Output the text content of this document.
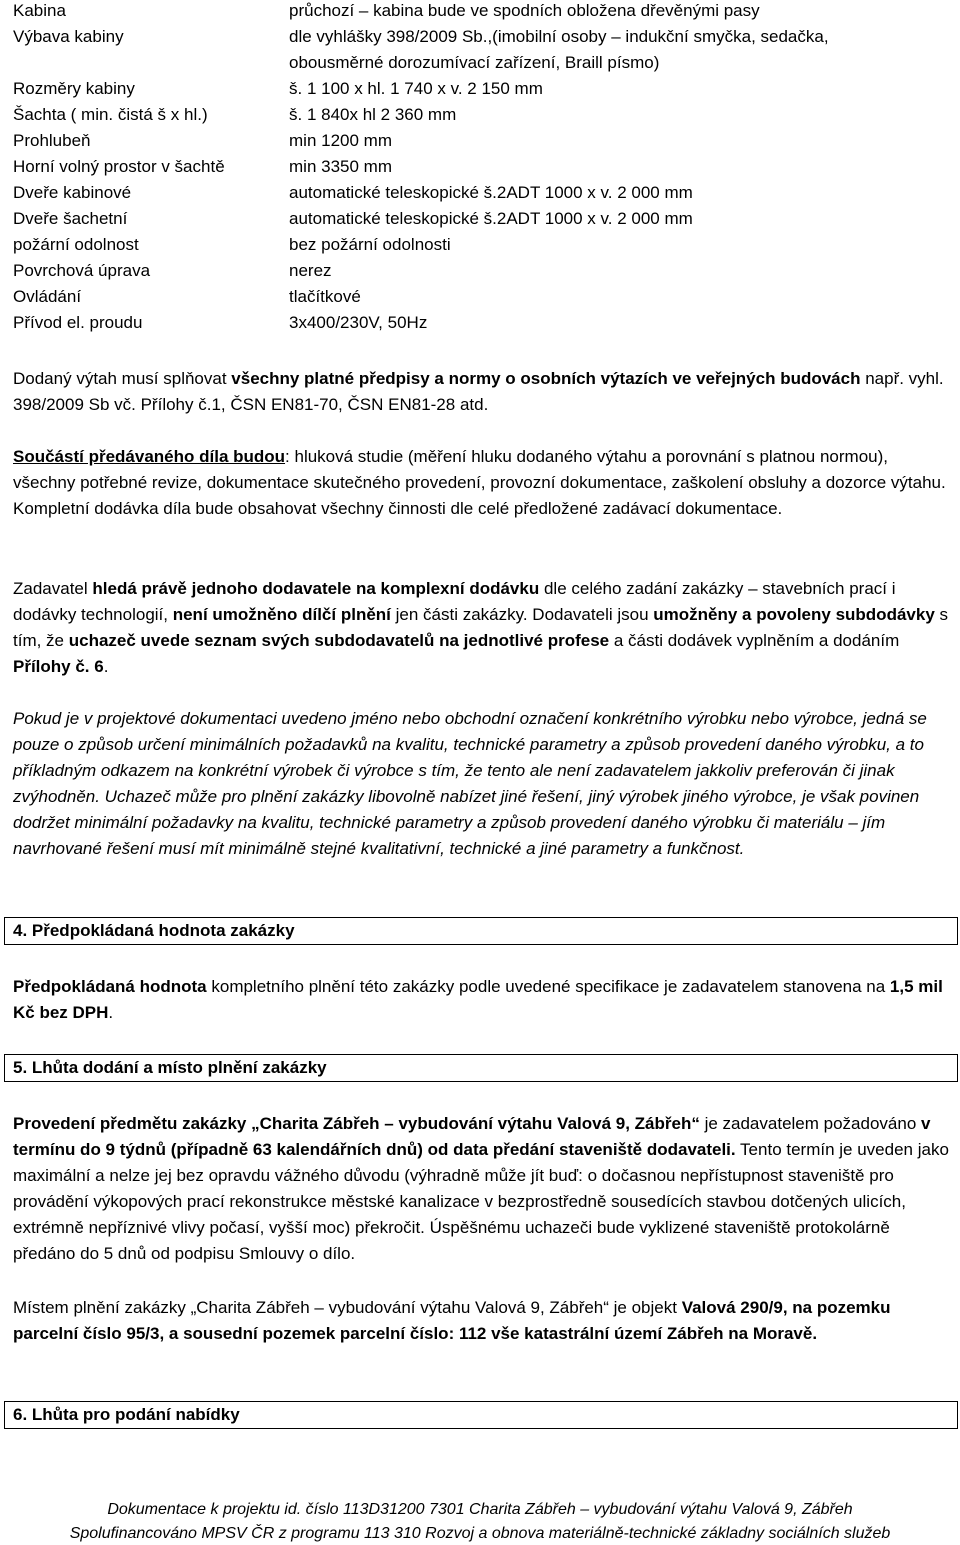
Kabina	průchozí – kabina bude ve spodních obložena dřevěnými pasy
Výbava kabiny	dle vyhlášky 398/2009 Sb.,(imobilní osoby – indukční smyčka, sedačka,
obousměrné dorozumívací zařízení, Braill písmo)
Rozměry kabiny	š. 1 100 x hl. 1 740 x v. 2 150 mm
Šachta ( min. čistá š x hl.)	š. 1 840x hl 2 360 mm
Prohlubeň	min 1200 mm
Horní volný prostor v šachtě	min 3350 mm
Dveře kabinové	automatické teleskopické š.2ADT 1000 x v. 2 000 mm
Dveře šachetní	automatické teleskopické š.2ADT 1000 x v. 2 000 mm
požární odolnost	bez požární odolnosti
Povrchová úprava	nerez
Ovládání	tlačítkové
Přívod el. proudu	3x400/230V, 50Hz

Dodaný výtah musí splňovat všechny platné předpisy a normy o osobních výtazích ve veřejných budovách např. vyhl. 398/2009 Sb vč. Přílohy č.1, ČSN EN81-70, ČSN EN81-28 atd.

Součástí předávaného díla budou: hluková studie (měření hluku dodaného výtahu a porovnání s platnou normou), všechny potřebné revize, dokumentace skutečného provedení, provozní dokumentace, zaškolení obsluhy a dozorce výtahu. Kompletní dodávka díla bude obsahovat všechny činnosti dle celé předložené zadávací dokumentace.

Zadavatel hledá právě jednoho dodavatele na komplexní dodávku dle celého zadání zakázky – stavebních prací i dodávky technologií, není umožněno dílčí plnění jen části zakázky. Dodavateli jsou umožněny a povoleny subdodávky s tím, že uchazeč uvede seznam svých subdodavatelů na jednotlivé profese a části dodávek vyplněním a dodáním Přílohy č. 6.

Pokud je v projektové dokumentaci uvedeno jméno nebo obchodní označení konkrétního výrobku nebo výrobce, jedná se pouze o způsob určení minimálních požadavků na kvalitu, technické parametry a způsob provedení daného výrobku, a to příkladným odkazem na konkrétní výrobek či výrobce s tím, že tento ale není zadavatelem jakkoliv preferován či jinak zvýhodněn. Uchazeč může pro plnění zakázky libovolně nabízet jiné řešení, jiný výrobek jiného výrobce, je však povinen dodržet minimální požadavky na kvalitu, technické parametry a způsob provedení daného výrobku či materiálu – jím navrhované řešení musí mít minimálně stejné kvalitativní, technické a jiné parametry a funkčnost.

4. Předpokládaná hodnota zakázky

Předpokládaná hodnota kompletního plnění této zakázky podle uvedené specifikace je zadavatelem stanovena na 1,5 mil Kč bez DPH.

5. Lhůta dodání a místo plnění zakázky

Provedení předmětu zakázky „Charita Zábřeh – vybudování výtahu Valová 9, Zábřeh“ je zadavatelem požadováno v termínu do 9 týdnů (případně 63 kalendářních dnů) od data předání staveniště dodavateli. Tento termín je uveden jako maximální a nelze jej bez opravdu vážného důvodu (výhradně může jít buď: o dočasnou nepřístupnost staveniště pro provádění výkopových prací rekonstrukce městské kanalizace v bezprostředně sousedících stavbou dotčených ulicích, extrémně nepříznivé vlivy počasí, vyšší moc) překročit. Úspěšnému uchazeči bude vyklizené staveniště protokolárně předáno do 5 dnů od podpisu Smlouvy o dílo.

Místem plnění zakázky „Charita Zábřeh – vybudování výtahu Valová 9, Zábřeh“ je objekt Valová 290/9, na pozemku parcelní číslo 95/3, a sousední pozemek parcelní číslo: 112 vše katastrální území Zábřeh na Moravě.

6. Lhůta pro podání nabídky
Dokumentace k projektu id. číslo 113D31200 7301 Charita Zábřeh – vybudování výtahu Valová 9, Zábřeh
Spolufinancováno MPSV ČR z programu 113 310 Rozvoj a obnova materiálně-technické základny sociálních služeb
